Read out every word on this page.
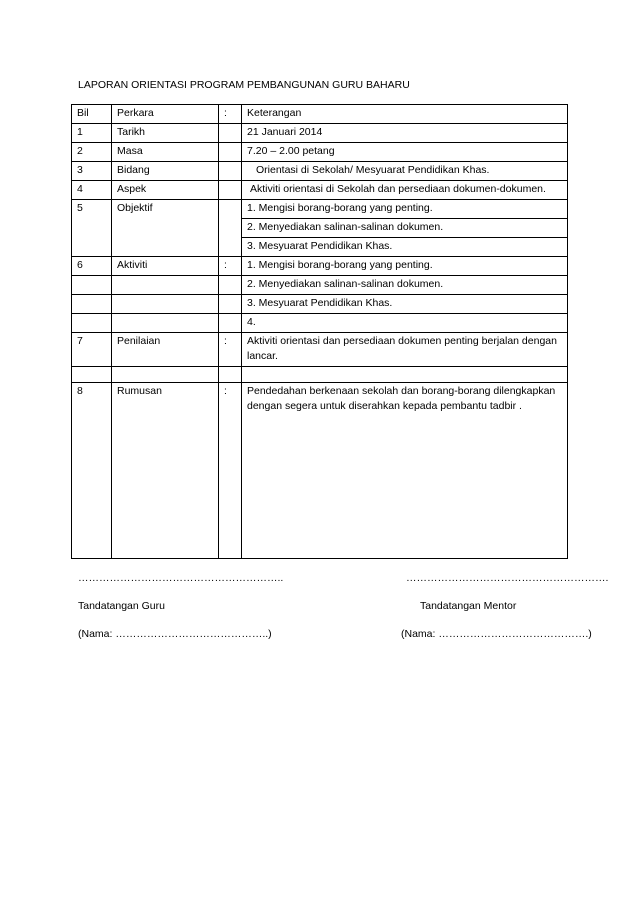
LAPORAN ORIENTASI PROGRAM PEMBANGUNAN GURU BAHARU
Bil	Perkara	:	Keterangan
1	Tarikh		21 Januari 2014
2	Masa		7.20 – 2.00 petang
3	Bidang		Orientasi di Sekolah/ Mesyuarat Pendidikan Khas.
4	Aspek		Aktiviti orientasi di Sekolah dan persediaan dokumen-dokumen.
5	Objektif		1. Mengisi borang-borang yang penting.
			2. Menyediakan salinan-salinan dokumen.
			3. Mesyuarat Pendidikan Khas.
6	Aktiviti	:	1. Mengisi borang-borang yang penting.
			2. Menyediakan salinan-salinan dokumen.
			3. Mesyuarat Pendidikan Khas.
			4.
7	Penilaian	:	Aktiviti orientasi dan persediaan dokumen penting berjalan dengan lancar.

8	Rumusan	:	Pendedahan berkenaan sekolah dan borang-borang dilengkapkan dengan segera untuk diserahkan kepada pembantu tadbir .
…………………………………………………..	………………………………………………….
Tandatangan Guru	Tandatangan Mentor
(Nama: ……………………………………..)	(Nama: …………………………………….)
